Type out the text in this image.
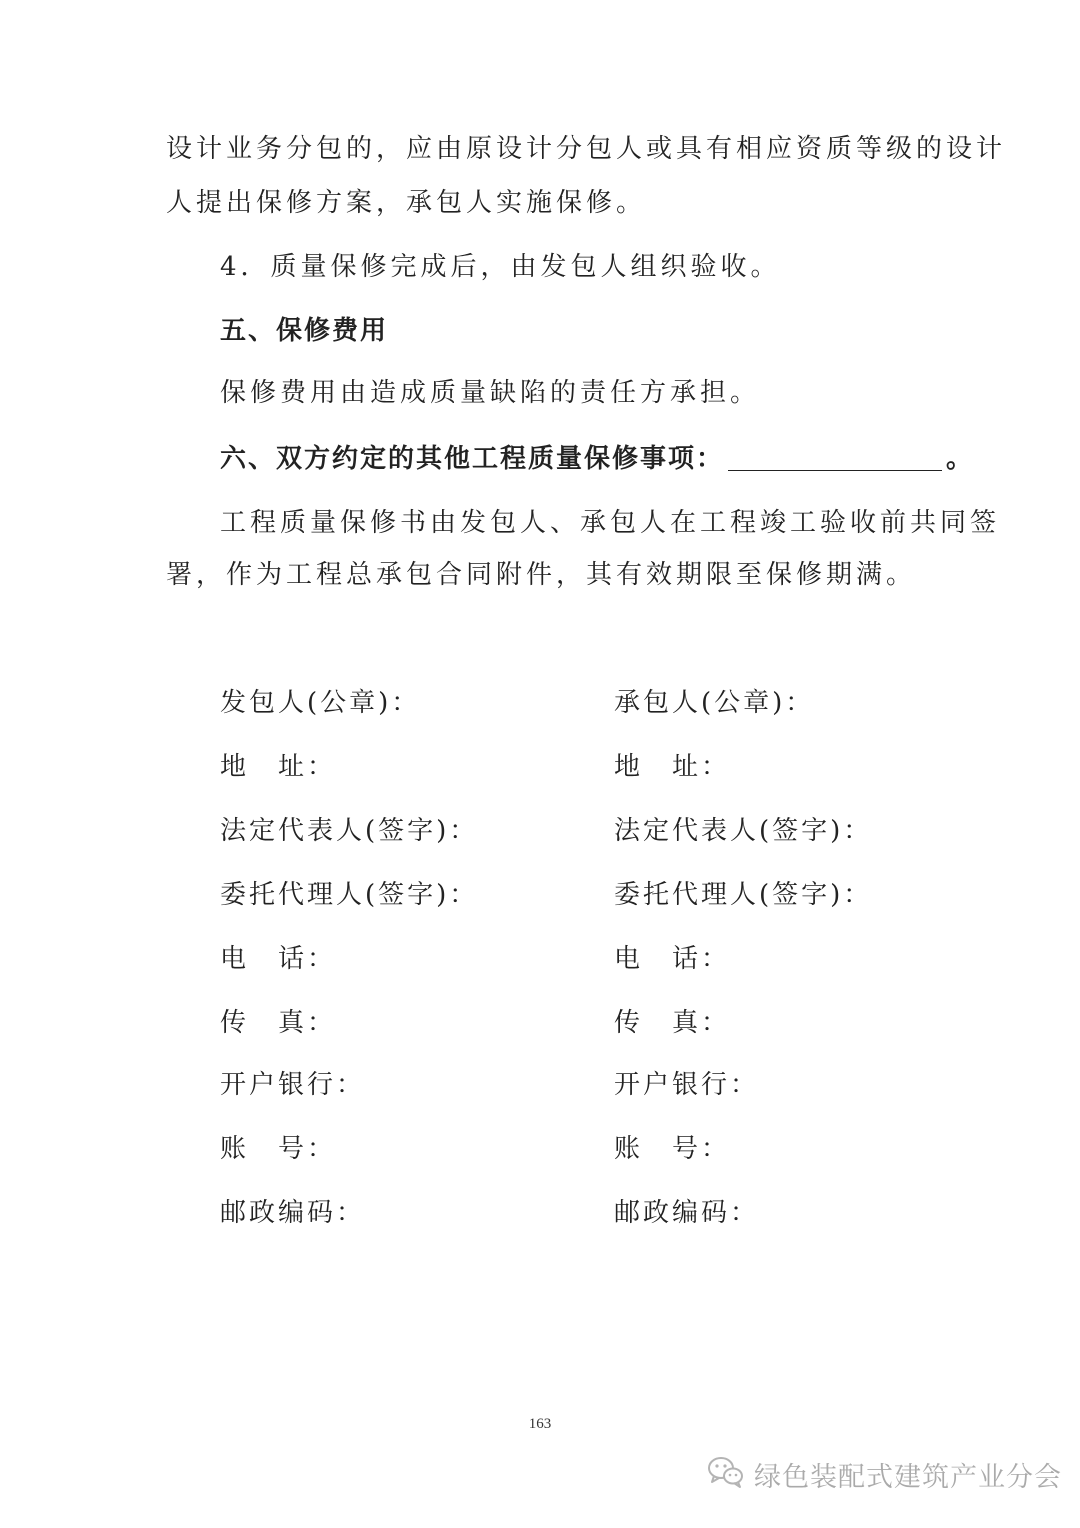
设计业务分包的，应由原设计分包人或具有相应资质等级的设计
人提出保修方案，承包人实施保修。
4．质量保修完成后，由发包人组织验收。
五、保修费用
保修费用由造成质量缺陷的责任方承担。
六、双方约定的其他工程质量保修事项：	。
工程质量保修书由发包人、承包人在工程竣工验收前共同签
署，作为工程总承包合同附件，其有效期限至保修期满。
发包人(公章)：
地　址：
法定代表人(签字)：
委托代理人(签字)：
电　话：
传　真：
开户银行：
账　号：
邮政编码：
承包人(公章)：
地　址：
法定代表人(签字)：
委托代理人(签字)：
电　话：
传　真：
开户银行：
账　号：
邮政编码：
163
绿色装配式建筑产业分会
